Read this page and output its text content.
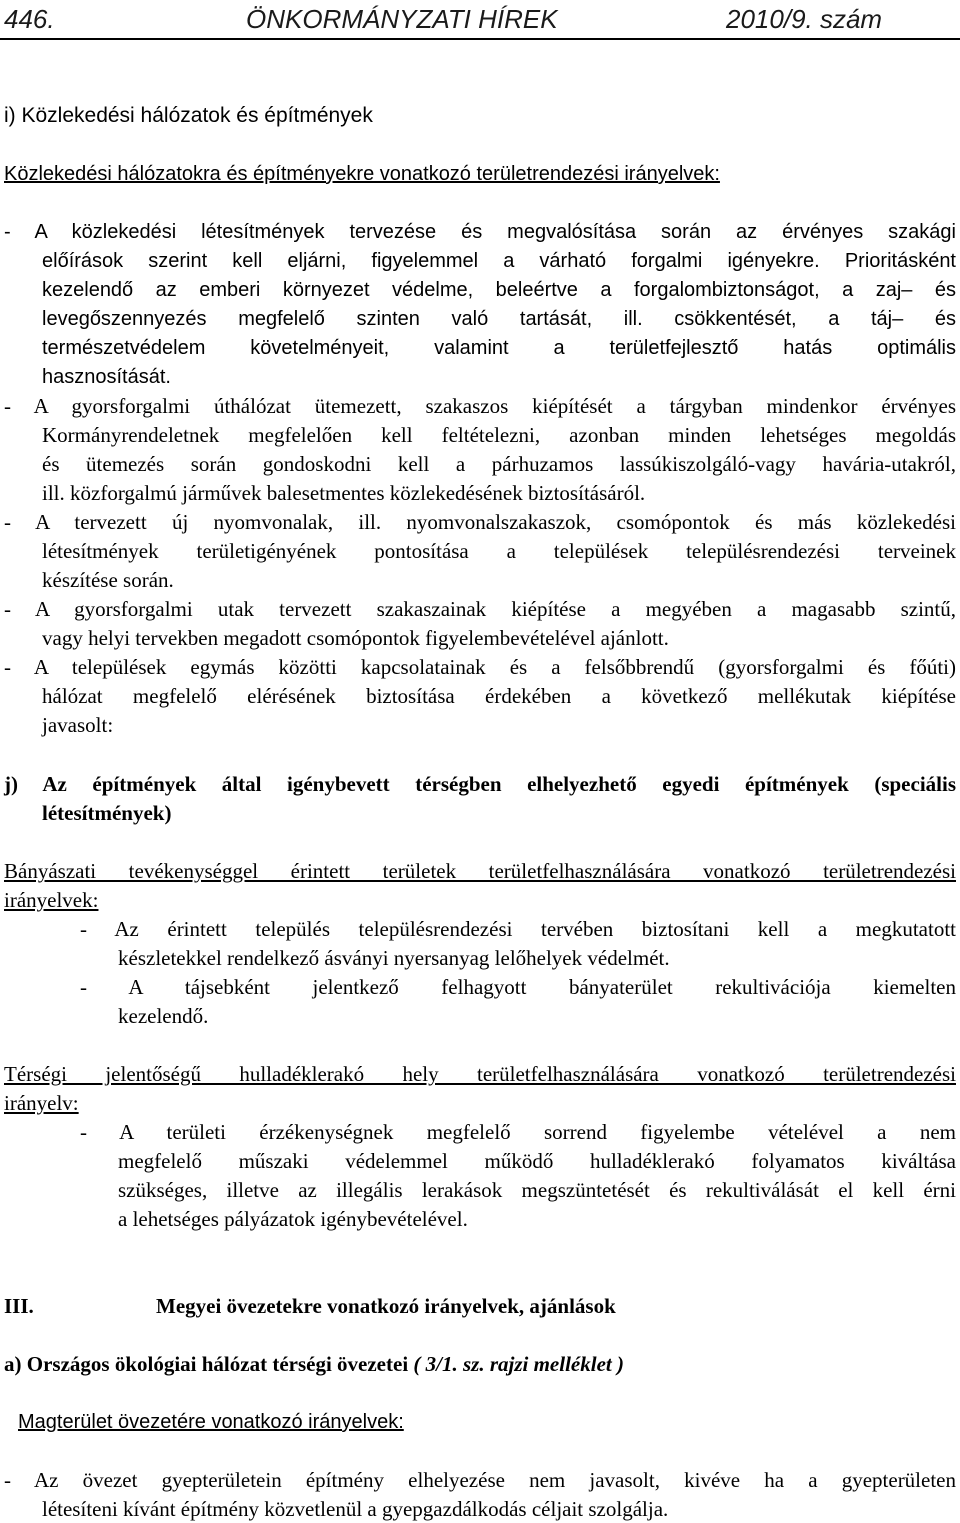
446.	ÖNKORMÁNYZATI HÍREK	2010/9. szám
i) Közlekedési hálózatok és építmények
Közlekedési hálózatokra és építményekre vonatkozó területrendezési irányelvek:
- A közlekedési létesítmények tervezése és megvalósítása során az érvényes szakági
előírások szerint kell eljárni, figyelemmel a várható forgalmi igényekre. Prioritásként
kezelendő az emberi környezet védelme, beleértve a forgalombiztonságot, a zaj– és
levegőszennyezés megfelelő szinten való tartását, ill. csökkentését, a táj– és
természetvédelem követelményeit, valamint a területfejlesztő hatás optimális
hasznosítását.
- A gyorsforgalmi úthálózat ütemezett, szakaszos kiépítését a tárgyban mindenkor érvényes
Kormányrendeletnek megfelelően kell feltételezni, azonban minden lehetséges megoldás
és ütemezés során gondoskodni kell a párhuzamos lassúkiszolgáló-vagy haváriа-utakról,
ill. közforgalmú járművek balesetmentes közlekedésének biztosításáról.
- A tervezett új nyomvonalak, ill. nyomvonalszakaszok, csomópontok és más közlekedési
létesítmények területigényének pontosítása a települések településrendezési terveinek
készítése során.
- A gyorsforgalmi utak tervezett szakaszainak kiépítése a megyében a magasabb szintű,
vagy helyi tervekben megadott csomópontok figyelembevételével ajánlott.
- A települések egymás közötti kapcsolatainak és a felsőbbrendű (gyorsforgalmi és főúti)
hálózat megfelelő elérésének biztosítása érdekében a következő mellékutak kiépítése
javasolt:
j) Az építmények által igénybevett térségben elhelyezhető egyedi építmények (speciális
létesítmények)
Bányászati tevékenységgel érintett területek területfelhasználására vonatkozó területrendezési
irányelvek:
- Az érintett település településrendezési tervében biztosítani kell a megkutatott
készletekkel rendelkező ásványi nyersanyag lelőhelyek védelmét.
- A tájsebként jelentkező felhagyott bányaterület rekultivációja kiemelten
kezelendő.
Térségi jelentőségű hulladéklerakó hely területfelhasználására vonatkozó területrendezési
irányelv:
- A területi érzékenységnek megfelelő sorrend figyelembe vételével a nem
megfelelő műszaki védelemmel működő hulladéklerakó folyamatos kiváltása
szükséges, illetve az illegális lerakások megszüntetését és rekultiválását el kell érni
a lehetséges pályázatok igénybevételével.
III.	Megyei övezetekre vonatkozó irányelvek, ajánlások
a) Országos ökológiai hálózat térségi övezetei ( 3/1. sz. rajzi melléklet )
Magterület övezetére vonatkozó irányelvek:
- Az övezet gyepterületein építmény elhelyezése nem javasolt, kivéve ha a gyepterületen
létesíteni kívánt építmény közvetlenül a gyepgazdálkodás céljait szolgálja.
